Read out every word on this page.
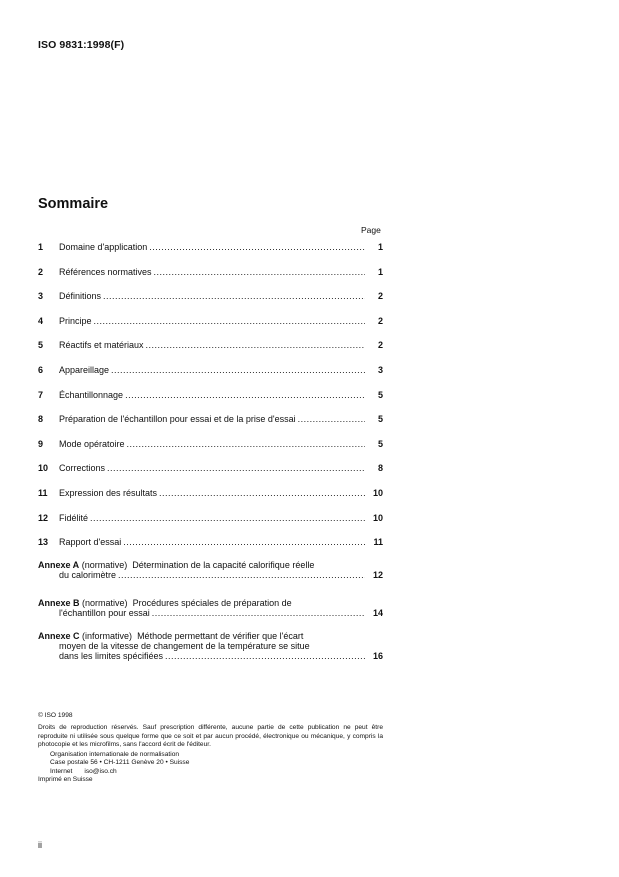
ISO 9831:1998(F)
Sommaire
Page
1	Domaine d'application .....	1
2	Références normatives .....	1
3	Définitions .....	2
4	Principe .....	2
5	Réactifs et matériaux .....	2
6	Appareillage .....	3
7	Échantillonnage .....	5
8	Préparation de l'échantillon pour essai et de la prise d'essai .....	5
9	Mode opératoire .....	5
10	Corrections .....	8
11	Expression des résultats .....	10
12	Fidélité .....	10
13	Rapport d'essai .....	11
Annexe A (normative) Détermination de la capacité calorifique réelle
du calorimètre .....	12
Annexe B (normative) Procédures spéciales de préparation de
l'échantillon pour essai .....	14
Annexe C (informative) Méthode permettant de vérifier que l'écart
moyen de la vitesse de changement de la température se situe
dans les limites spécifiées .....	16
© ISO 1998
Droits de reproduction réservés. Sauf prescription différente, aucune partie de cette publication ne peut être reproduite ni utilisée sous quelque forme que ce soit et par aucun procédé, électronique ou mécanique, y compris la photocopie et les microfilms, sans l'accord écrit de l'éditeur.
Organisation internationale de normalisation
Case postale 56 • CH-1211 Genève 20 • Suisse
Internet iso@iso.ch
Imprimé en Suisse
ii
